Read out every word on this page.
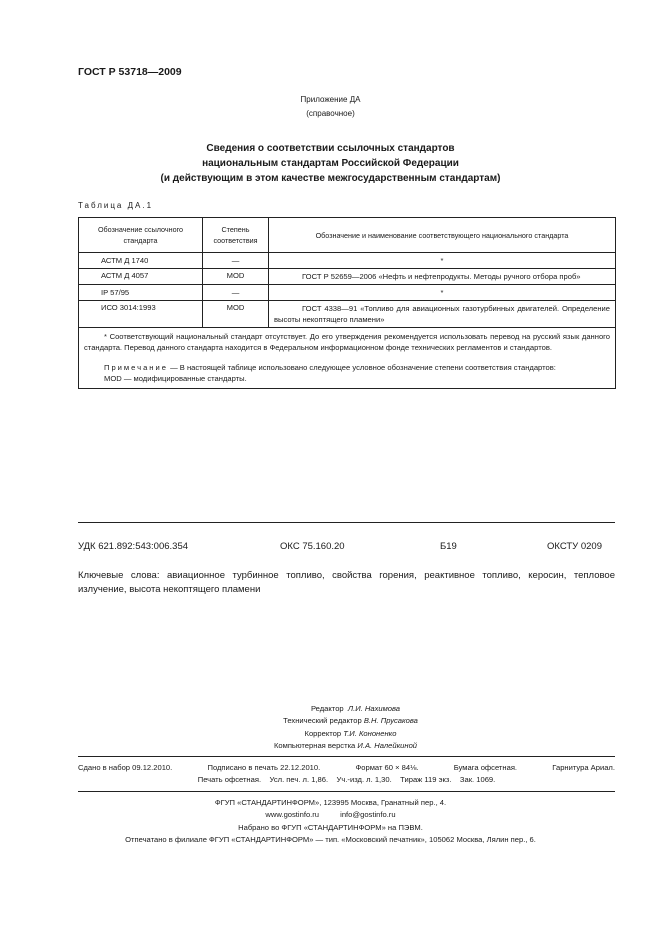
ГОСТ Р 53718—2009
Приложение ДА
(справочное)
Сведения о соответствии ссылочных стандартов
национальным стандартам Российской Федерации
(и действующим в этом качестве межгосударственным стандартам)
Таблица ДА.1
Обозначение ссылочного стандарта	Степень соответствия	Обозначение и наименование соответствующего национального стандарта
АСТМ Д 1740	—	*
АСТМ Д 4057	MOD	ГОСТ Р 52659—2006 «Нефть и нефтепродукты. Методы ручного отбора проб»
IP 57/95	—	*
ИСО 3014:1993	MOD	ГОСТ 4338—91 «Топливо для авиационных газотурбинных двигателей. Определение высоты некоптящего пламени»

* Соответствующий национальный стандарт отсутствует. До его утверждения рекомендуется использовать перевод на русский язык данного стандарта. Перевод данного стандарта находится в Федеральном информационном фонде технических регламентов и стандартов.
Примечание — В настоящей таблице использовано следующее условное обозначение степени соответствия стандартов:
MOD — модифицированные стандарты.		
УДК 621.892:543:006.354	ОКС 75.160.20	Б19	ОКСТУ 0209
Ключевые слова: авиационное турбинное топливо, свойства горения, реактивное топливо, керосин, тепловое излучение, высота некоптящего пламени
Редактор Л.И. Нахимова
Технический редактор В.Н. Прусакова
Корректор Т.И. Кононенко
Компьютерная верстка И.А. Налейкиной
Сдано в набор 09.12.2010.	Подписано в печать 22.12.2010.	Формат 60 × 84⅛.	Бумага офсетная.	Гарнитура Ариал.
Печать офсетная. Усл. печ. л. 1,86. Уч.-изд. л. 1,30. Тираж 119 экз. Зак. 1069.
ФГУП «СТАНДАРТИНФОРМ», 123995 Москва, Гранатный пер., 4.
www.gostinfo.ru	info@gostinfo.ru
Набрано во ФГУП «СТАНДАРТИНФОРМ» на ПЭВМ.
Отпечатано в филиале ФГУП «СТАНДАРТИНФОРМ» — тип. «Московский печатник», 105062 Москва, Лялин пер., 6.
